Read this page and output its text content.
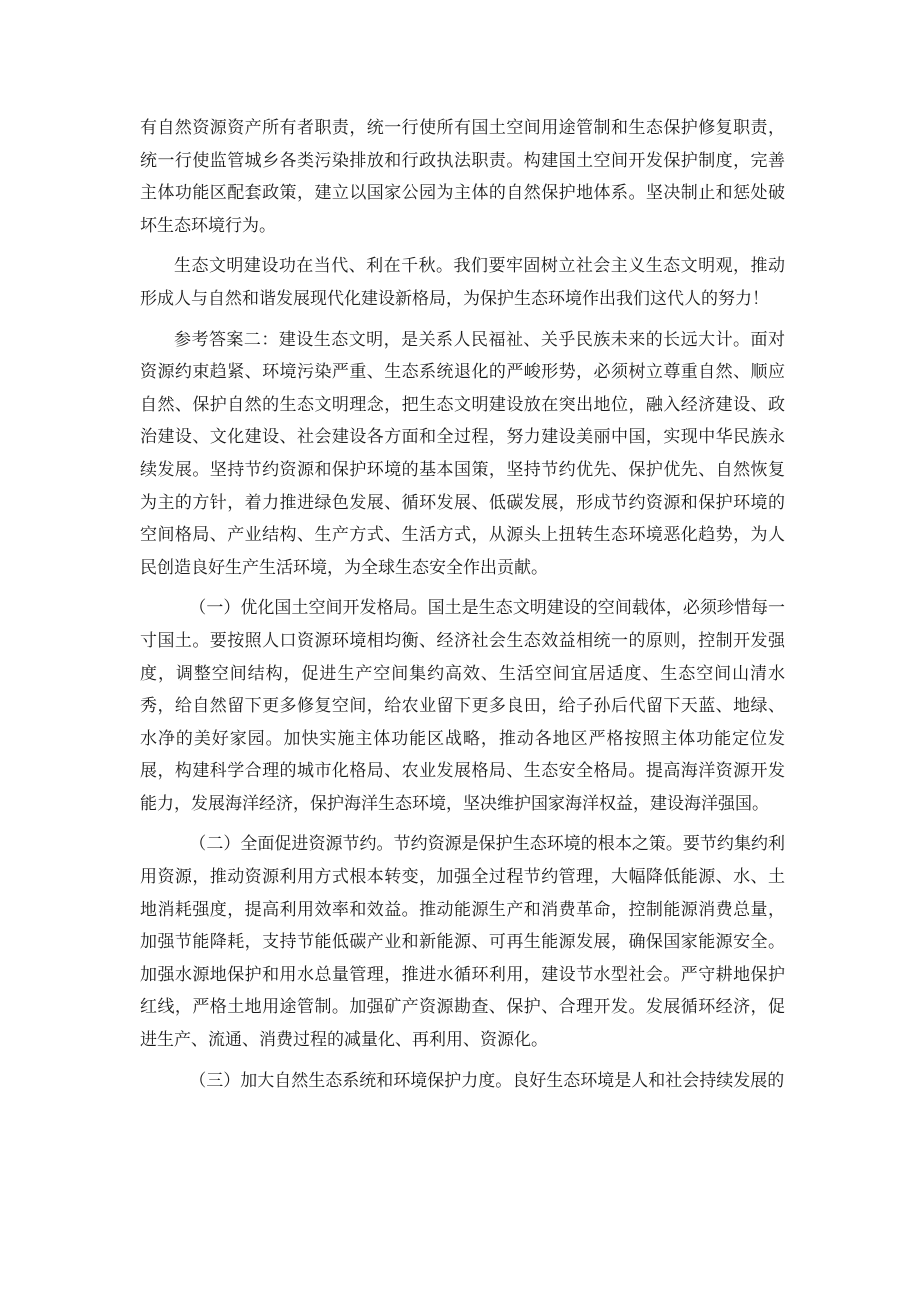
有自然资源资产所有者职责，统一行使所有国土空间用途管制和生态保护修复职责，统一行使监管城乡各类污染排放和行政执法职责。构建国土空间开发保护制度，完善主体功能区配套政策，建立以国家公园为主体的自然保护地体系。坚决制止和惩处破坏生态环境行为。

生态文明建设功在当代、利在千秋。我们要牢固树立社会主义生态文明观，推动形成人与自然和谐发展现代化建设新格局，为保护生态环境作出我们这代人的努力！

参考答案二：建设生态文明，是关系人民福祉、关乎民族未来的长远大计。面对资源约束趋紧、环境污染严重、生态系统退化的严峻形势，必须树立尊重自然、顺应自然、保护自然的生态文明理念，把生态文明建设放在突出地位，融入经济建设、政治建设、文化建设、社会建设各方面和全过程，努力建设美丽中国，实现中华民族永续发展。坚持节约资源和保护环境的基本国策，坚持节约优先、保护优先、自然恢复为主的方针，着力推进绿色发展、循环发展、低碳发展，形成节约资源和保护环境的空间格局、产业结构、生产方式、生活方式，从源头上扭转生态环境恶化趋势，为人民创造良好生产生活环境，为全球生态安全作出贡献。

（一）优化国土空间开发格局。国土是生态文明建设的空间载体，必须珍惜每一寸国土。要按照人口资源环境相均衡、经济社会生态效益相统一的原则，控制开发强度，调整空间结构，促进生产空间集约高效、生活空间宜居适度、生态空间山清水秀，给自然留下更多修复空间，给农业留下更多良田，给子孙后代留下天蓝、地绿、水净的美好家园。加快实施主体功能区战略，推动各地区严格按照主体功能定位发展，构建科学合理的城市化格局、农业发展格局、生态安全格局。提高海洋资源开发能力，发展海洋经济，保护海洋生态环境，坚决维护国家海洋权益，建设海洋强国。

（二）全面促进资源节约。节约资源是保护生态环境的根本之策。要节约集约利用资源，推动资源利用方式根本转变，加强全过程节约管理，大幅降低能源、水、土地消耗强度，提高利用效率和效益。推动能源生产和消费革命，控制能源消费总量，加强节能降耗，支持节能低碳产业和新能源、可再生能源发展，确保国家能源安全。加强水源地保护和用水总量管理，推进水循环利用，建设节水型社会。严守耕地保护红线，严格土地用途管制。加强矿产资源勘查、保护、合理开发。发展循环经济，促进生产、流通、消费过程的减量化、再利用、资源化。

（三）加大自然生态系统和环境保护力度。良好生态环境是人和社会持续发展的
